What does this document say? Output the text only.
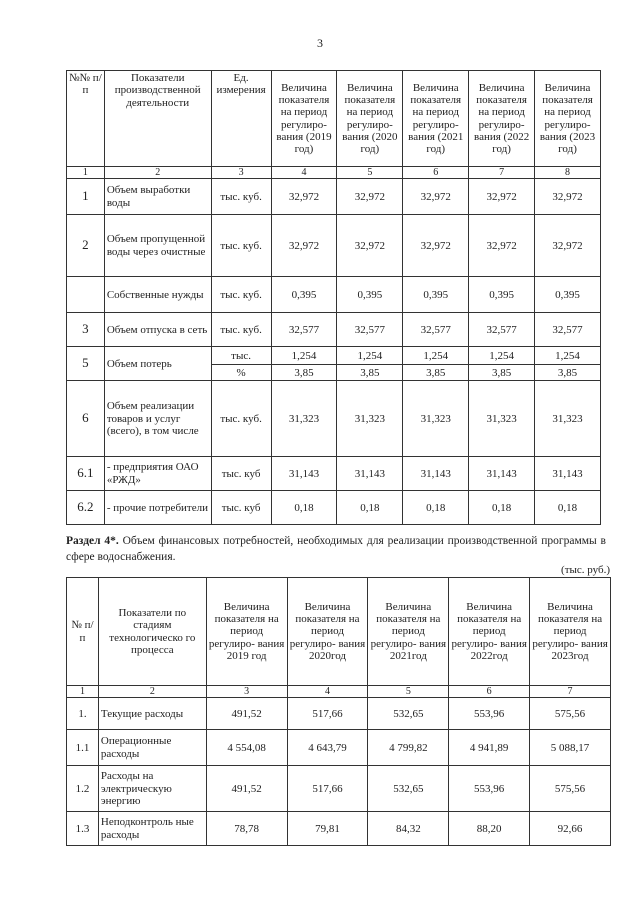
3
№№ п/п	Показатели производственной деятельности	Ед. измерения	Величина показателя на период регулиро- вания (2019 год)	Величина показателя на период регулиро- вания (2020 год)	Величина показателя на период регулиро- вания (2021 год)	Величина показателя на период регулиро- вания (2022 год)	Величина показателя на период регулиро- вания (2023 год)
1	2	3	4	5	6	7	8
1	Объем выработки воды	тыс. куб.	32,972	32,972	32,972	32,972	32,972
2	Объем пропущенной воды через очистные	тыс. куб.	32,972	32,972	32,972	32,972	32,972
	Собственные нужды	тыс. куб.	0,395	0,395	0,395	0,395	0,395
3	Объем отпуска в сеть	тыс. куб.	32,577	32,577	32,577	32,577	32,577
5	Объем потерь	тыс.	1,254	1,254	1,254	1,254	1,254
		%	3,85	3,85	3,85	3,85	3,85
6	Объем реализации товаров и услуг (всего), в том числе	тыс. куб.	31,323	31,323	31,323	31,323	31,323
6.1	- предприятия ОАО «РЖД»	тыс. куб	31,143	31,143	31,143	31,143	31,143
6.2	- прочие потребители	тыс. куб	0,18	0,18	0,18	0,18	0,18
Раздел 4*. Объем финансовых потребностей, необходимых для реализации производственной программы в сфере водоснабжения.
(тыс. руб.)
№ п/ п	Показатели по стадиям технологическо го процесса	Величина показателя на период регулиро- вания 2019 год	Величина показателя на период регулиро- вания 2020год	Величина показателя на период регулиро- вания 2021год	Величина показателя на период регулиро- вания 2022год	Величина показателя на период регулиро- вания 2023год
1	2	3	4	5	6	7
1.	Текущие расходы	491,52	517,66	532,65	553,96	575,56
1.1	Операционные расходы	4 554,08	4 643,79	4 799,82	4 941,89	5 088,17
1.2	Расходы на электрическую энергию	491,52	517,66	532,65	553,96	575,56
1.3	Неподконтроль ные расходы	78,78	79,81	84,32	88,20	92,66
